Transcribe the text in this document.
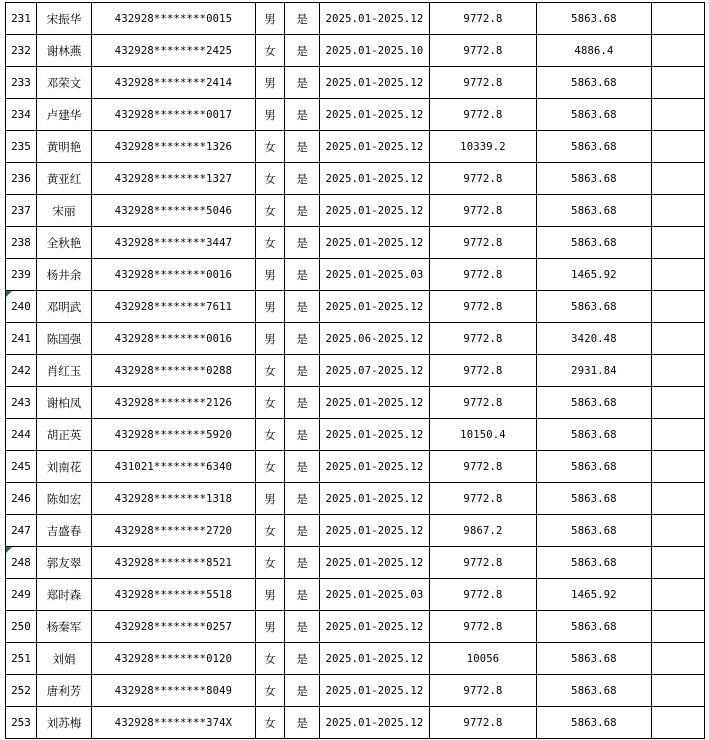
231	宋振华	432928********0015	男	是	2025.01-2025.12	9772.8	5863.68	
232	谢林燕	432928********2425	女	是	2025.01-2025.10	9772.8	4886.4	
233	邓荣文	432928********2414	男	是	2025.01-2025.12	9772.8	5863.68	
234	卢建华	432928********0017	男	是	2025.01-2025.12	9772.8	5863.68	
235	黄明艳	432928********1326	女	是	2025.01-2025.12	10339.2	5863.68	
236	黄亚红	432928********1327	女	是	2025.01-2025.12	9772.8	5863.68	
237	宋丽	432928********5046	女	是	2025.01-2025.12	9772.8	5863.68	
238	全秋艳	432928********3447	女	是	2025.01-2025.12	9772.8	5863.68	
239	杨井余	432928********0016	男	是	2025.01-2025.03	9772.8	1465.92	
240	邓明武	432928********7611	男	是	2025.01-2025.12	9772.8	5863.68	
241	陈国强	432928********0016	男	是	2025.06-2025.12	9772.8	3420.48	
242	肖红玉	432928********0288	女	是	2025.07-2025.12	9772.8	2931.84	
243	谢柏凤	432928********2126	女	是	2025.01-2025.12	9772.8	5863.68	
244	胡正英	432928********5920	女	是	2025.01-2025.12	10150.4	5863.68	
245	刘南花	431021********6340	女	是	2025.01-2025.12	9772.8	5863.68	
246	陈如宏	432928********1318	男	是	2025.01-2025.12	9772.8	5863.68	
247	吉盛春	432928********2720	女	是	2025.01-2025.12	9867.2	5863.68	
248	郭友翠	432928********8521	女	是	2025.01-2025.12	9772.8	5863.68	
249	郑时森	432928********5518	男	是	2025.01-2025.03	9772.8	1465.92	
250	杨秦军	432928********0257	男	是	2025.01-2025.12	9772.8	5863.68	
251	刘娟	432928********0120	女	是	2025.01-2025.12	10056	5863.68	
252	唐利芳	432928********8049	女	是	2025.01-2025.12	9772.8	5863.68	
253	刘苏梅	432928********374X	女	是	2025.01-2025.12	9772.8	5863.68	
